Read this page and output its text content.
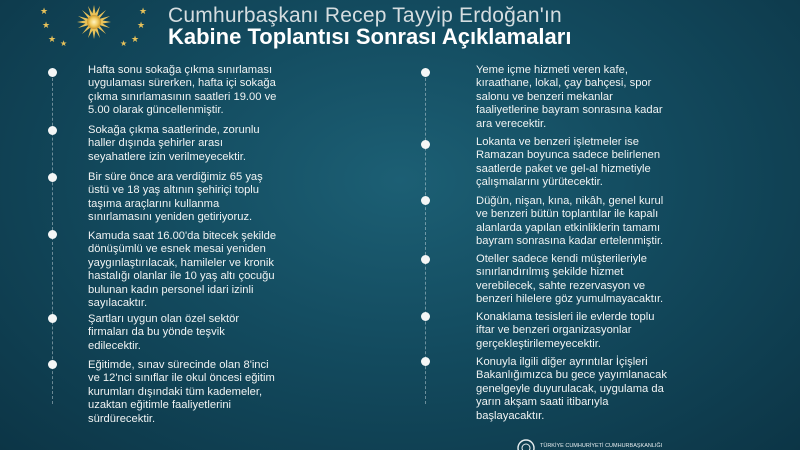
★
★
★ ★
★
★
★
★
Cumhurbaşkanı Recep Tayyip Erdoğan'ın
Kabine Toplantısı Sonrası Açıklamaları
Hafta sonu sokağa çıkma sınırlaması
uygulaması sürerken, hafta içi sokağa
çıkma sınırlamasının saatleri 19.00 ve
5.00 olarak güncellenmiştir.
Sokağa çıkma saatlerinde, zorunlu
haller dışında şehirler arası
seyahatlere izin verilmeyecektir.
Bir süre önce ara verdiğimiz 65 yaş
üstü ve 18 yaş altının şehiriçi toplu
taşıma araçlarını kullanma
sınırlamasını yeniden getiriyoruz.
Kamuda saat 16.00'da bitecek şekilde
dönüşümlü ve esnek mesai yeniden
yaygınlaştırılacak, hamileler ve kronik
hastalığı olanlar ile 10 yaş altı çocuğu
bulunan kadın personel idari izinli
sayılacaktır.
Şartları uygun olan özel sektör
firmaları da bu yönde teşvik
edilecektir.
Eğitimde, sınav sürecinde olan 8'inci
ve 12'nci sınıflar ile okul öncesi eğitim
kurumları dışındaki tüm kademeler,
uzaktan eğitimle faaliyetlerini
sürdürecektir.
Yeme içme hizmeti veren kafe,
kıraathane, lokal, çay bahçesi, spor
salonu ve benzeri mekanlar
faaliyetlerine bayram sonrasına kadar
ara verecektir.
Lokanta ve benzeri işletmeler ise
Ramazan boyunca sadece belirlenen
saatlerde paket ve gel-al hizmetiyle
çalışmalarını yürütecektir.
Düğün, nişan, kına, nikâh, genel kurul
ve benzeri bütün toplantılar ile kapalı
alanlarda yapılan etkinliklerin tamamı
bayram sonrasına kadar ertelenmiştir.
Oteller sadece kendi müşterileriyle
sınırlandırılmış şekilde hizmet
verebilecek, sahte rezervasyon ve
benzeri hilelere göz yumulmayacaktır.
Konaklama tesisleri ile evlerde toplu
iftar ve benzeri organizasyonlar
gerçekleştirilemeyecektir.
Konuyla ilgili diğer ayrıntılar İçişleri
Bakanlığımızca bu gece yayımlanacak
genelgeyle duyurulacak, uygulama da
yarın akşam saati itibarıyla
başlayacaktır.
TÜRKİYE CUMHURİYETİ CUMHURBAŞKANLIĞI
